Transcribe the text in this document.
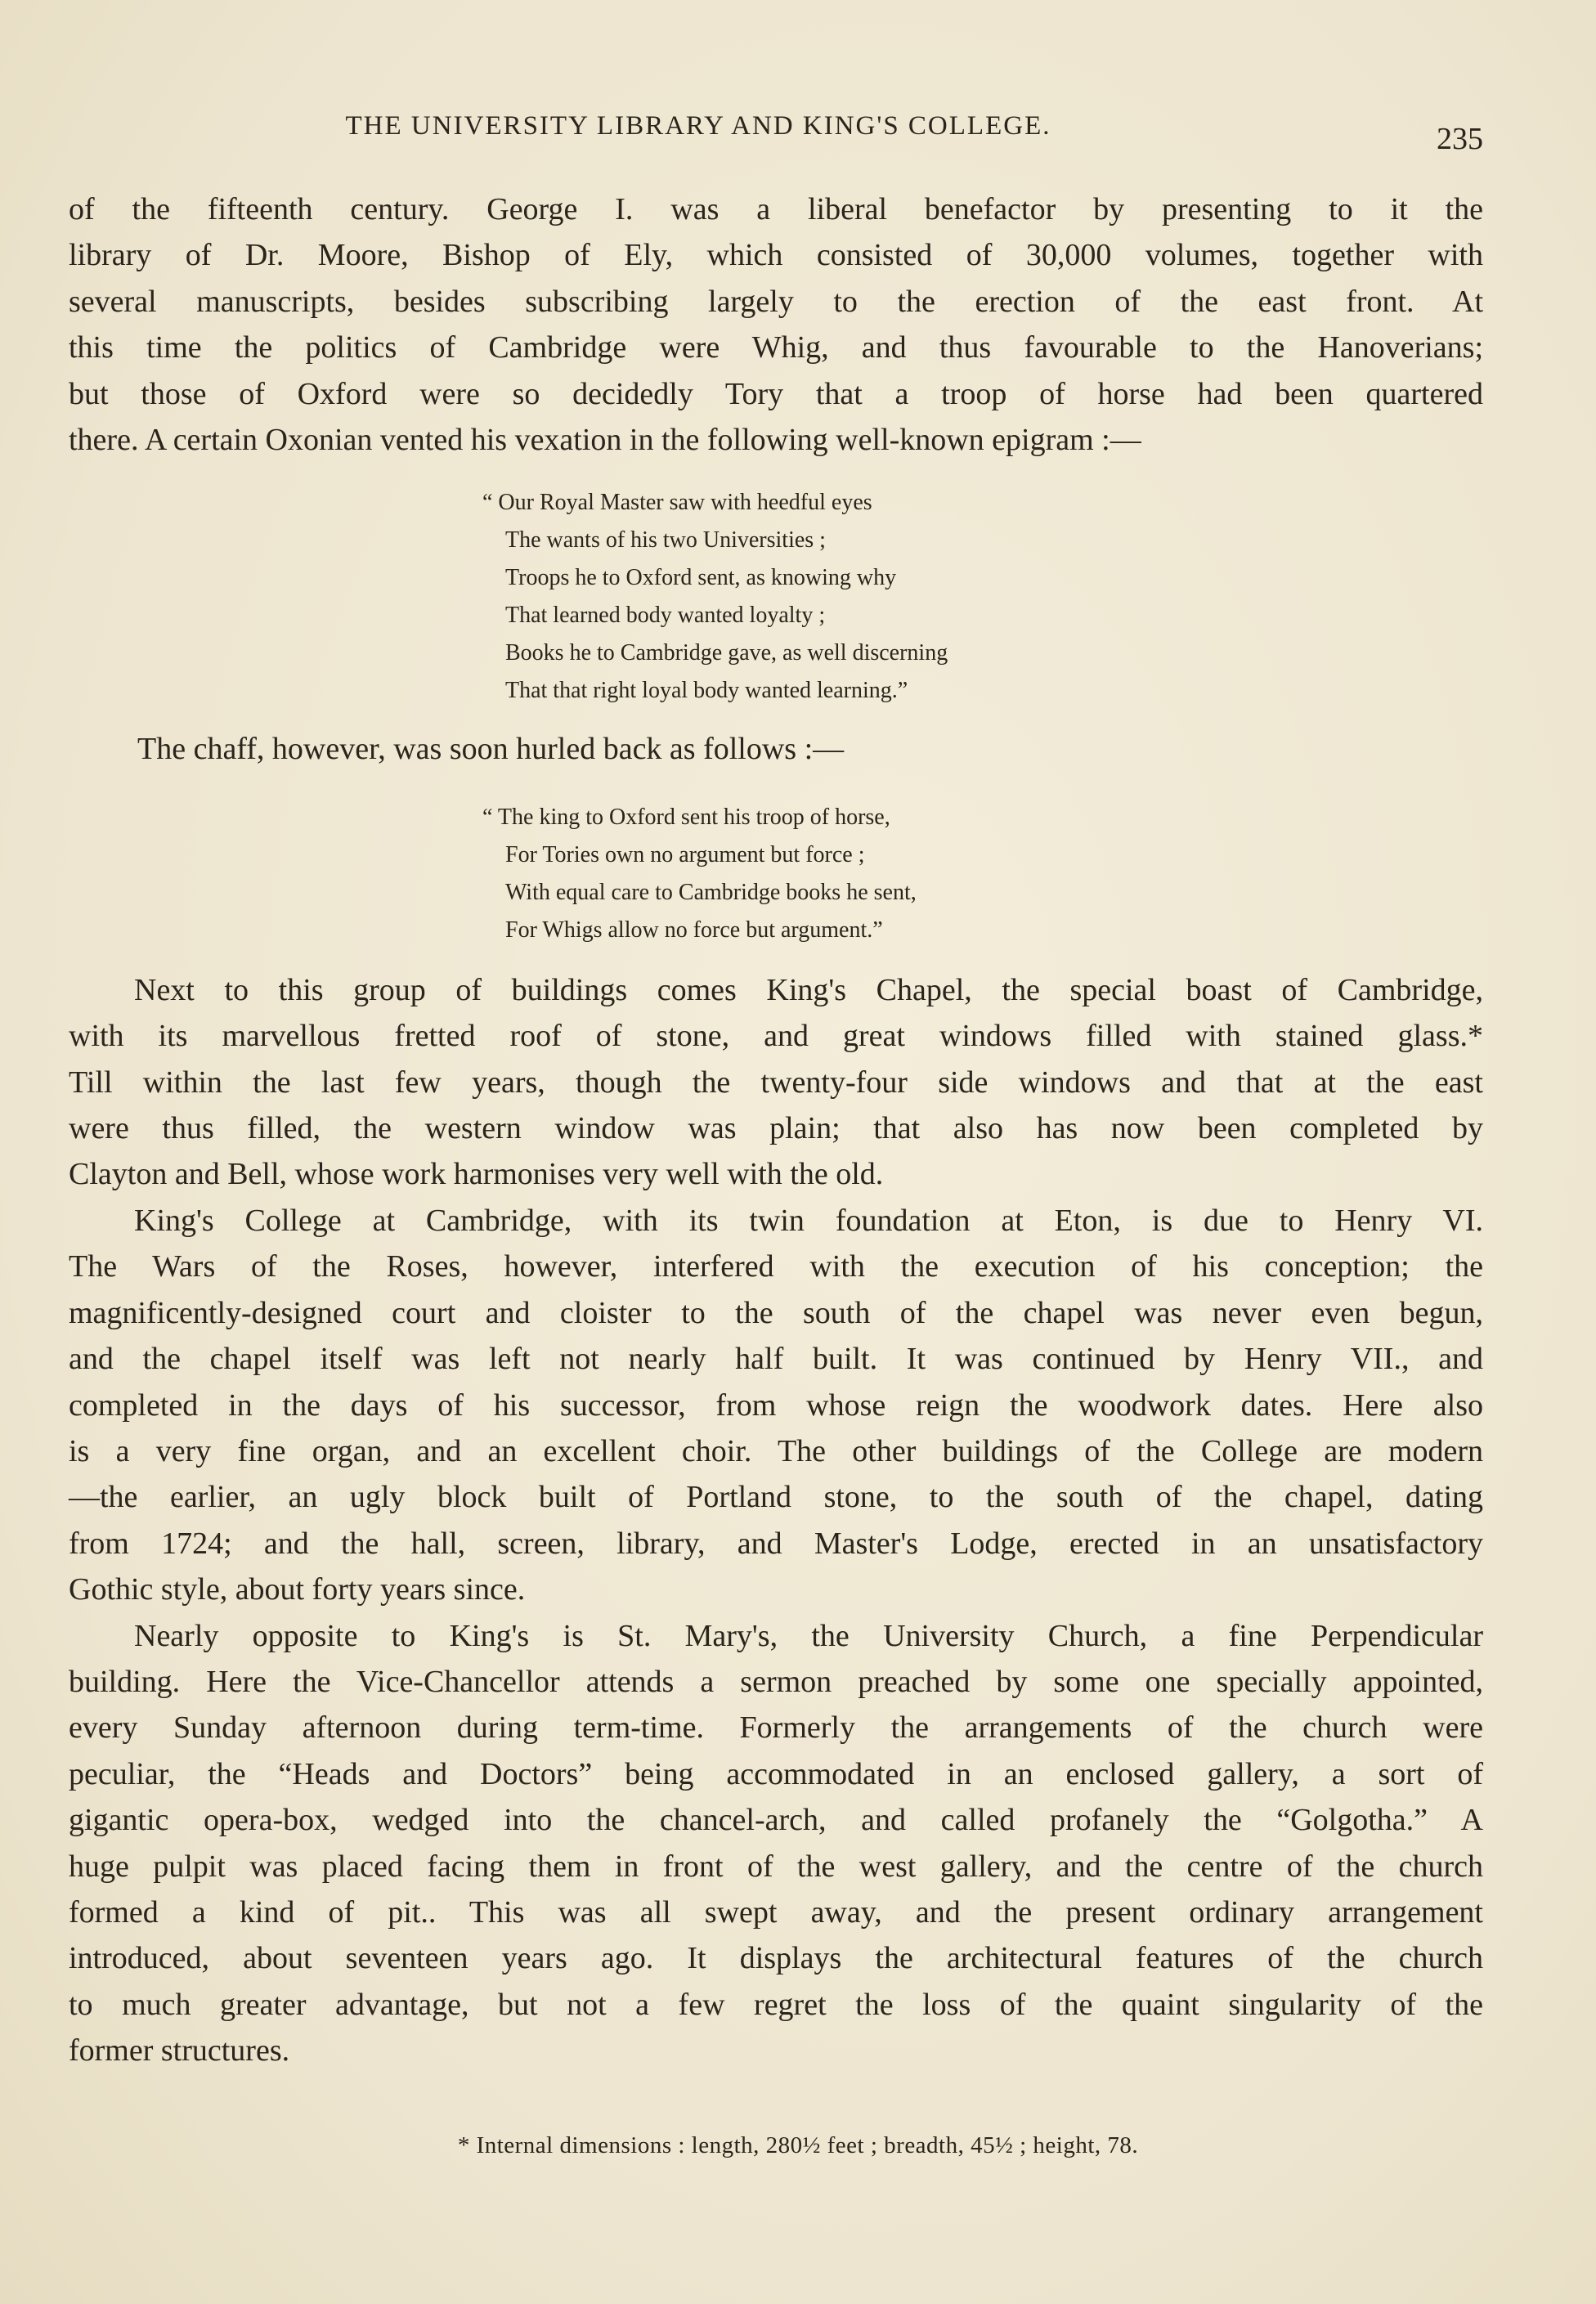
THE UNIVERSITY LIBRARY AND KING'S COLLEGE.	235

of the fifteenth century. George I. was a liberal benefactor by presenting to it the

library of Dr. Moore, Bishop of Ely, which consisted of 30,000 volumes, together with

several manuscripts, besides subscribing largely to the erection of the east front. At

this time the politics of Cambridge were Whig, and thus favourable to the Hanoverians;

but those of Oxford were so decidedly Tory that a troop of horse had been quartered

there. A certain Oxonian vented his vexation in the following well-known epigram :—

“ Our Royal Master saw with heedful eyes
The wants of his two Universities ;
Troops he to Oxford sent, as knowing why
That learned body wanted loyalty ;
Books he to Cambridge gave, as well discerning
That that right loyal body wanted learning.”

The chaff, however, was soon hurled back as follows :—

“ The king to Oxford sent his troop of horse,
For Tories own no argument but force ;
With equal care to Cambridge books he sent,
For Whigs allow no force but argument.”

Next to this group of buildings comes King's Chapel, the special boast of Cambridge,

with its marvellous fretted roof of stone, and great windows filled with stained glass.*

Till within the last few years, though the twenty-four side windows and that at the east

were thus filled, the western window was plain; that also has now been completed by

Clayton and Bell, whose work harmonises very well with the old.

King's College at Cambridge, with its twin foundation at Eton, is due to Henry VI.

The Wars of the Roses, however, interfered with the execution of his conception; the

magnificently-designed court and cloister to the south of the chapel was never even begun,

and the chapel itself was left not nearly half built. It was continued by Henry VII., and

completed in the days of his successor, from whose reign the woodwork dates. Here also

is a very fine organ, and an excellent choir. The other buildings of the College are modern

—the earlier, an ugly block built of Portland stone, to the south of the chapel, dating

from 1724; and the hall, screen, library, and Master's Lodge, erected in an unsatisfactory

Gothic style, about forty years since.

Nearly opposite to King's is St. Mary's, the University Church, a fine Perpendicular

building. Here the Vice-Chancellor attends a sermon preached by some one specially appointed,

every Sunday afternoon during term-time. Formerly the arrangements of the church were

peculiar, the “Heads and Doctors” being accommodated in an enclosed gallery, a sort of

gigantic opera-box, wedged into the chancel-arch, and called profanely the “Golgotha.” A

huge pulpit was placed facing them in front of the west gallery, and the centre of the church

formed a kind of pit.. This was all swept away, and the present ordinary arrangement

introduced, about seventeen years ago. It displays the architectural features of the church

to much greater advantage, but not a few regret the loss of the quaint singularity of the

former structures.

* Internal dimensions : length, 280½ feet ; breadth, 45½ ; height, 78.
